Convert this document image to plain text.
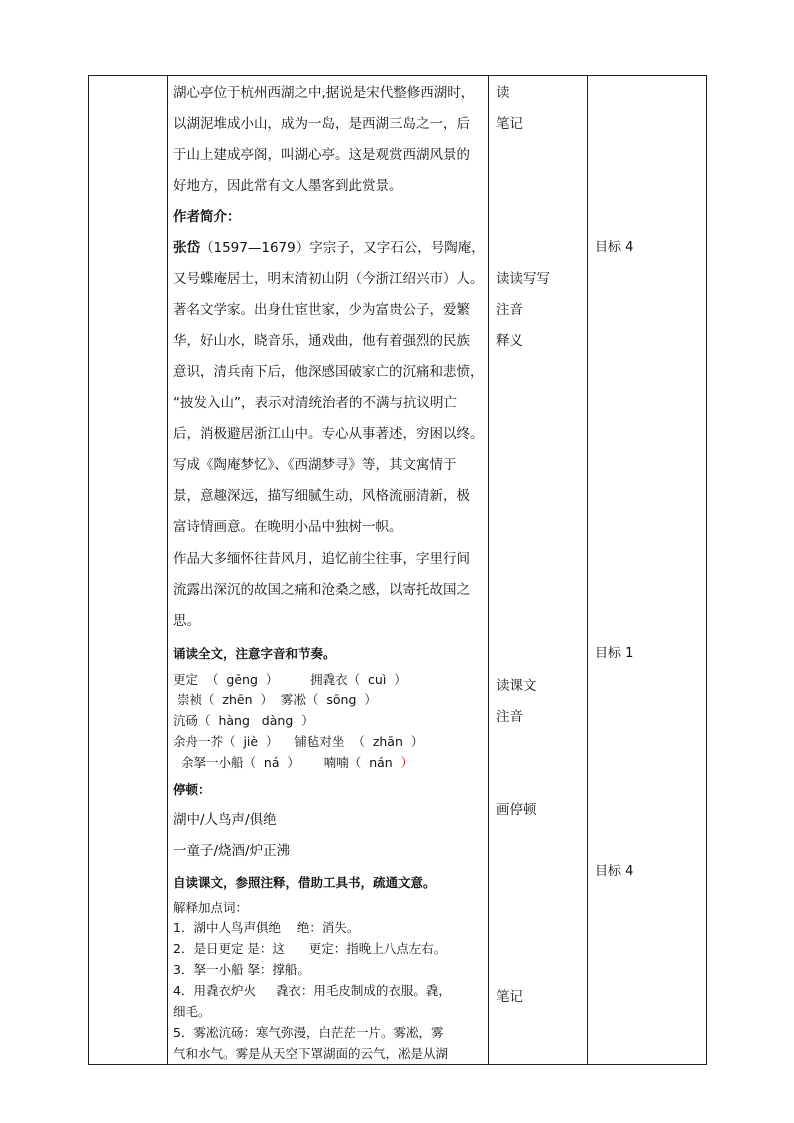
湖心亭位于杭州西湖之中,据说是宋代整修西湖时，
以湖泥堆成小山，成为一岛，是西湖三岛之一，后
于山上建成亭阁，叫湖心亭。这是观赏西湖风景的
好地方，因此常有文人墨客到此赏景。
作者简介：
张岱（1597—1679）字宗子，又字石公，号陶庵，
又号蝶庵居士，明末清初山阴（今浙江绍兴市）人。
著名文学家。出身仕宦世家，少为富贵公子，爱繁
华，好山水，晓音乐，通戏曲，他有着强烈的民族
意识，清兵南下后，他深感国破家亡的沉痛和悲愤，
“披发入山”，表示对清统治者的不满与抗议明亡
后，消极避居浙江山中。专心从事著述，穷困以终。
写成《陶庵梦忆》、《西湖梦寻》等，其文寓情于
景，意趣深远，描写细腻生动，风格流丽清新，极
富诗情画意。在晚明小品中独树一帜。
作品大多缅怀往昔风月，追忆前尘往事，字里行间
流露出深沉的故国之痛和沧桑之感，以寄托故国之
思。
诵读全文，注意字音和节奏。
更定  （  gēng  ）        拥毳衣（  cuì  ）
崇祯（  zhēn  ）  雾凇（  sōng  ）
沆砀（  hàng   dàng  ）
余舟一芥（  jiè  ）    铺毡对坐  （  zhān  ）
余拏一小船（  ná  ）      喃喃（  nán  ）
停顿：
湖中/人鸟声/俱绝
一童子/烧酒/炉正沸
自读课文，参照注释，借助工具书，疏通文意。
解释加点词：
1．湖中人鸟声俱绝    绝：消失。
2．是日更定 是：这      更定：指晚上八点左右。
3．拏一小船 拏：撑船。
4．用毳衣炉火     毳衣：用毛皮制成的衣服。毳，
细毛。
5．雾凇沆砀：寒气弥漫，白茫茫一片。雾凇，雾
气和水气。雾是从天空下罩湖面的云气，凇是从湖
读
笔记
读读写写
注音
释义
读课文
注音
画停顿
笔记
目标 4
目标 1
目标 4
